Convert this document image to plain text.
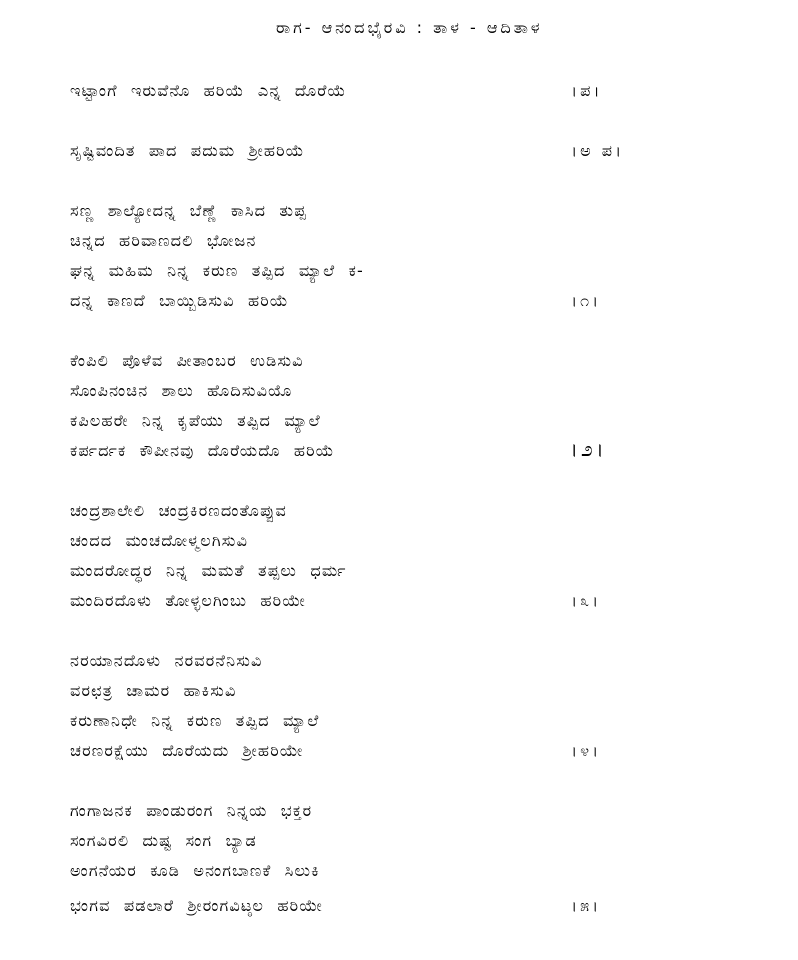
ರಾಗ- ಆನಂದಭೈರವಿ : ತಾಳ - ಆದಿತಾಳ
ಇಟ್ಟಾಂಗೆ ಇರುವೆನೊ ಹರಿಯೆ ಎನ್ನ ದೊರೆಯೆ	।ಪ।
ಸೃಷ್ಟಿವಂದಿತ ಪಾದ ಪದುಮ ಶ್ರೀಹರಿಯೆ	।ಅ ಪ।
ಸಣ್ಣ ಶಾಲ್ಯೋದನ್ನ ಬೆಣ್ಣೆ ಕಾಸಿದ ತುಪ್ಪ
ಚಿನ್ನದ ಹರಿವಾಣದಲಿ ಭೋಜನ
ಘನ್ನ ಮಹಿಮ ನಿನ್ನ ಕರುಣ ತಪ್ಪಿದ ಮ್ಯಾಲೆ ಕ-
ದನ್ನ ಕಾಣದೆ ಬಾಯ್ಬಿಡಿಸುವಿ ಹರಿಯೆ	।೧।
ಕೆಂಪಿಲಿ ಪೊಳೆವ ಪೀತಾಂಬರ ಉಡಿಸುವಿ
ಸೊಂಪಿನಂಚಿನ ಶಾಲು ಹೊದಿಸುವಿಯೊ
ಕಪಿಲಹರೇ ನಿನ್ನ ಕೃಪೆಯು ತಪ್ಪಿದ ಮ್ಯಾಲೆ
ಕರ್ಪರ್ದಕ ಕೌಪೀನವು ದೊರೆಯದೊ ಹರಿಯೆ	।೨।
ಚಂದ್ರಶಾಲೇಲಿ ಚಂದ್ರಕಿರಣದಂತೊಪ್ಪುವ
ಚಂದದ ಮಂಚದೋಳ್ಮಲಗಿಸುವಿ
ಮಂದರೋದ್ಧರ ನಿನ್ನ ಮಮತೆ ತಪ್ಪಲು ಧರ್ಮ
ಮಂದಿರದೊಳು ತೋಳ್ಳಲಗಿಂಬು ಹರಿಯೇ	।೩।
ನರಯಾನದೊಳು ನರವರನೆನಿಸುವಿ
ವರಛತ್ರ ಚಾಮರ ಹಾಕಿಸುವಿ
ಕರುಣಾನಿಧೇ ನಿನ್ನ ಕರುಣ ತಪ್ಪಿದ ಮ್ಯಾಲೆ
ಚರಣರಕ್ಷೆಯು ದೊರೆಯದು ಶ್ರೀಹರಿಯೇ	।೪।
ಗಂಗಾಜನಕ ಪಾಂಡುರಂಗ ನಿನ್ನಯ ಭಕ್ತರ
ಸಂಗವಿರಲಿ ದುಷ್ಟ ಸಂಗ ಬ್ಯಾಡ
ಅಂಗನೆಯರ ಕೂಡಿ ಅನಂಗಬಾಣಕೆ ಸಿಲುಕಿ
ಭಂಗವ ಪಡಲಾರೆ ಶ್ರೀರಂಗವಿಟ್ಠಲ ಹರಿಯೇ	।೫।
